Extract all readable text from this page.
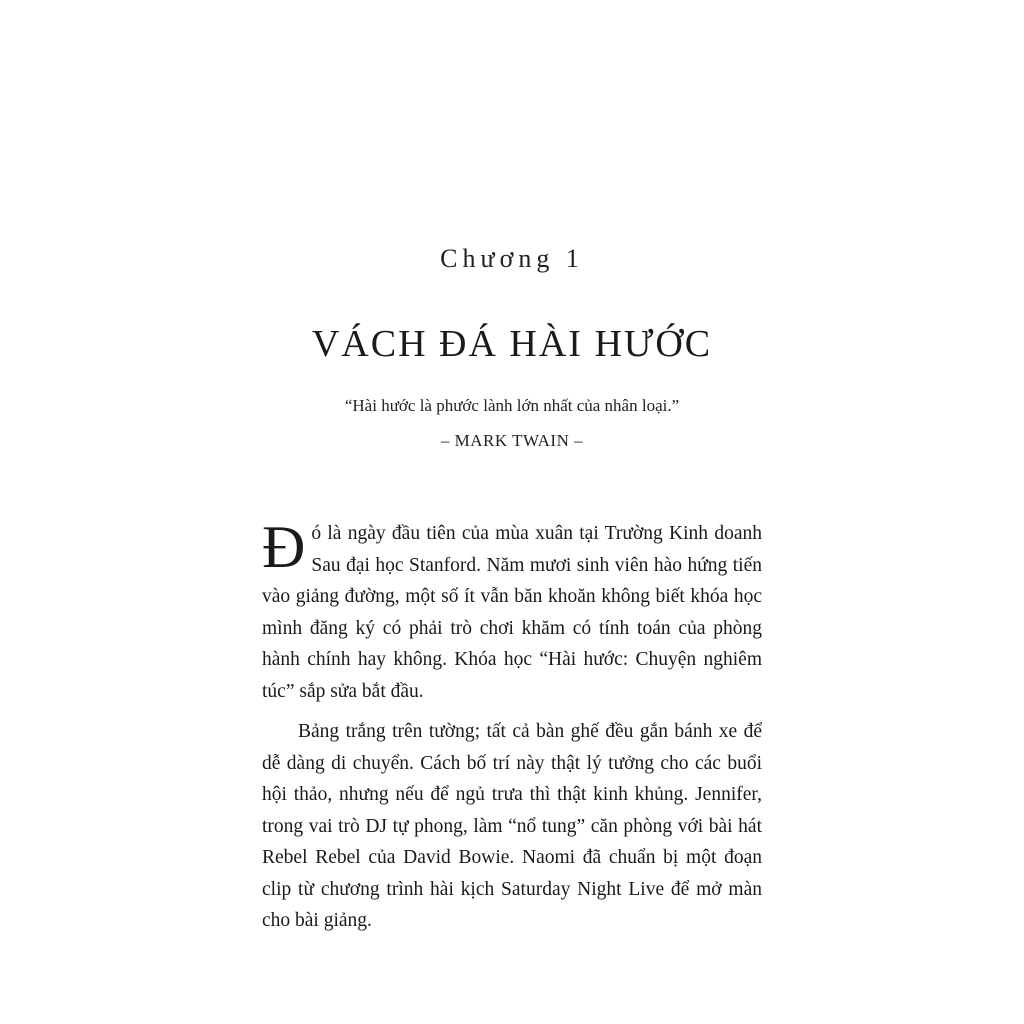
Chương 1
VÁCH ĐÁ HÀI HƯỚC
“Hài hước là phước lành lớn nhất của nhân loại.”
– MARK TWAIN –

Đó là ngày đầu tiên của mùa xuân tại Trường Kinh doanh Sau đại học Stanford. Năm mươi sinh viên hào hứng tiến vào giảng đường, một số ít vẫn băn khoăn không biết khóa học mình đăng ký có phải trò chơi khăm có tính toán của phòng hành chính hay không. Khóa học “Hài hước: Chuyện nghiêm túc” sắp sửa bắt đầu.

Bảng trắng trên tường; tất cả bàn ghế đều gắn bánh xe để dễ dàng di chuyển. Cách bố trí này thật lý tưởng cho các buổi hội thảo, nhưng nếu để ngủ trưa thì thật kinh khủng. Jennifer, trong vai trò DJ tự phong, làm “nổ tung” căn phòng với bài hát Rebel Rebel của David Bowie. Naomi đã chuẩn bị một đoạn clip từ chương trình hài kịch Saturday Night Live để mở màn cho bài giảng.
